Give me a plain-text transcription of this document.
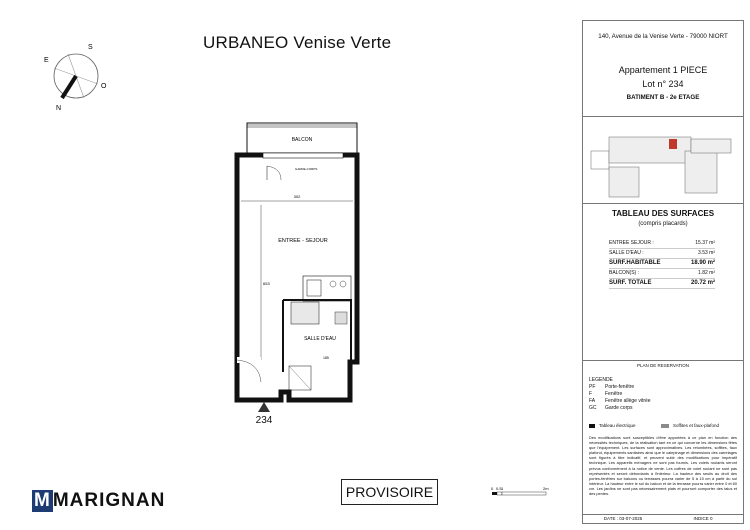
URBANEO Venise Verte
S
E
O
N
BALCON
GARDE-CORPS
302
653
ENTREE - SEJOUR
SALLE D'EAU
185
234
M MARIGNAN	PROVISOIRE	0 0.5 1	2m
140, Avenue de la Venise Verte - 79000 NIORT
Appartement 1 PIECE
Lot n° 234
BATIMENT B - 2e ETAGE
TABLEAU DES SURFACES
(compris placards)
ENTREE SEJOUR :	15.37 m²
SALLE D'EAU :	3.53 m²
SURF.HABITABLE	18.90 m²
BALCON(S) :	1.82 m²
SURF. TOTALE	20.72 m²
PLAN DE RESERVATION
LEGENDE
PF	Porte-fenêtre
F	Fenêtre
FA	Fenêtre allège vitrée
GC	Garde corps
Tableau électrique	Soffites et faux-plafond
Des modifications sont susceptibles d'être apportées à ce plan en fonction des nécessités techniques, de la réalisation tant en ce qui concerne les dimensions fêtes que l'équipement. Les surfaces sont approximatives. Les retombées, soffites, faux plafond, équipements sanitaires ainsi que le calepinage et dimensions des carrelages sont figurés à titre indicatif, et peuvent subir des modifications pour impératif technique. Les appareils ménagers ne sont pas fournis. Les volets roulants seront prévus conformément à la notice de vente. Les coffres de volet roulant ne sont pas représentés et seront débordants à l'intérieur. La hauteur des seuils au droit des portes-fenêtres sur balcons ou terrasses pourra varier de 5 à 15 cm à partir du sol intérieur. La hauteur entre le sol du balcon et de la terrasse pourra varier entre 0 et 60 cm. Les jardins ne sont pas nécessairement plats et pourront comporter des talus et des pentes.
DATE : 03-07-2025	INDICE 0
